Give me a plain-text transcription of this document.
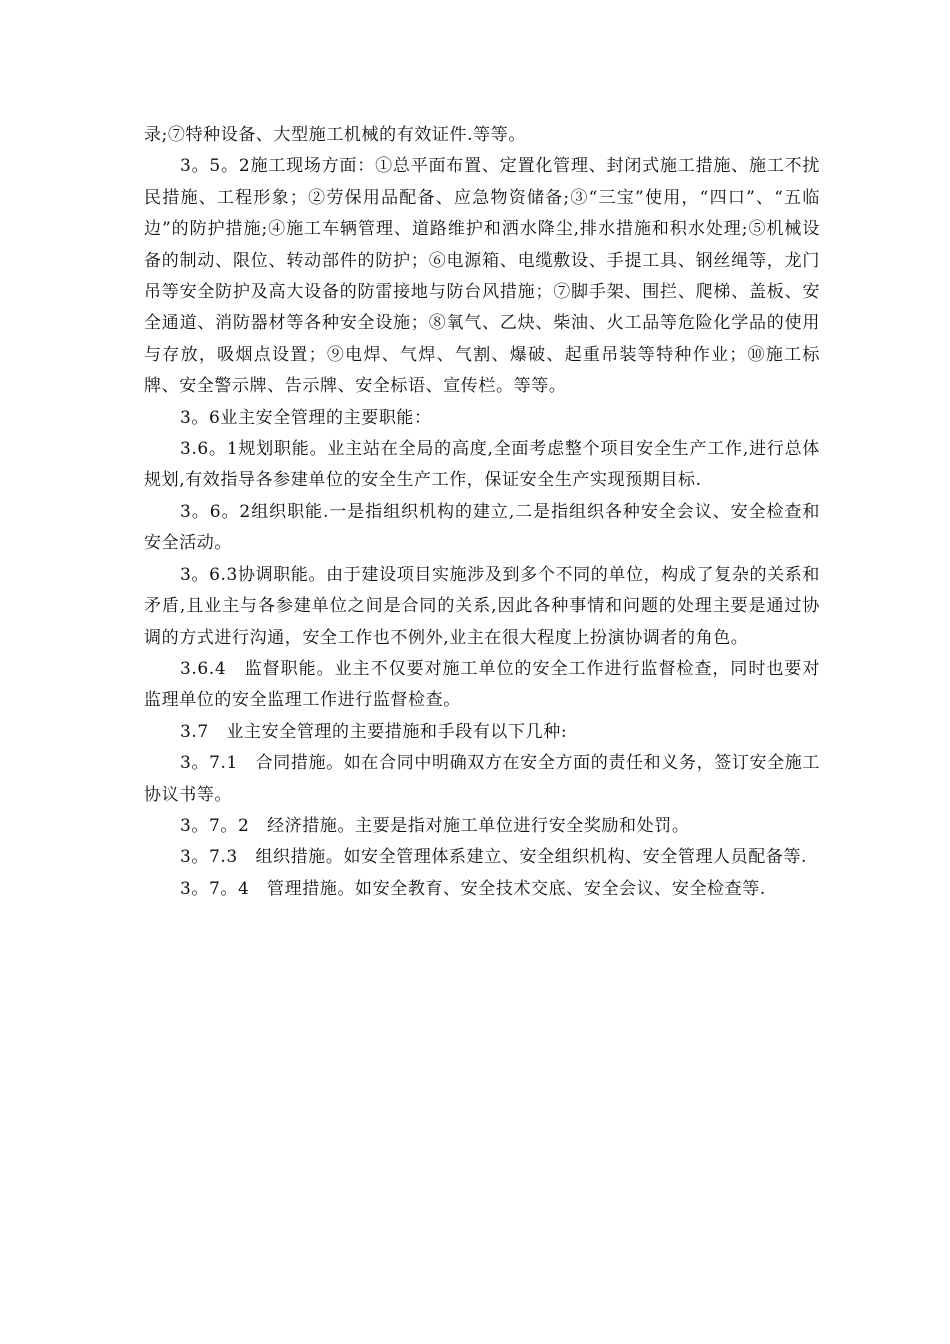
录;⑦特种设备、大型施工机械的有效证件.等等。

3。5。2施工现场方面：①总平面布置、定置化管理、封闭式施工措施、施工不扰民措施、工程形象；②劳保用品配备、应急物资储备;③“三宝”使用，“四口”、“五临边”的防护措施;④施工车辆管理、道路维护和洒水降尘,排水措施和积水处理;⑤机械设备的制动、限位、转动部件的防护；⑥电源箱、电缆敷设、手提工具、钢丝绳等，龙门吊等安全防护及高大设备的防雷接地与防台风措施；⑦脚手架、围拦、爬梯、盖板、安全通道、消防器材等各种安全设施；⑧氧气、乙炔、柴油、火工品等危险化学品的使用与存放，吸烟点设置；⑨电焊、气焊、气割、爆破、起重吊装等特种作业；⑩施工标牌、安全警示牌、告示牌、安全标语、宣传栏。等等。

3。6业主安全管理的主要职能：

3.6。1规划职能。业主站在全局的高度,全面考虑整个项目安全生产工作,进行总体规划,有效指导各参建单位的安全生产工作，保证安全生产实现预期目标.

3。6。2组织职能.一是指组织机构的建立,二是指组织各种安全会议、安全检查和安全活动。

3。6.3协调职能。由于建设项目实施涉及到多个不同的单位，构成了复杂的关系和矛盾,且业主与各参建单位之间是合同的关系,因此各种事情和问题的处理主要是通过协调的方式进行沟通，安全工作也不例外,业主在很大程度上扮演协调者的角色。

3.6.4　监督职能。业主不仅要对施工单位的安全工作进行监督检查，同时也要对监理单位的安全监理工作进行监督检查。

3.7　业主安全管理的主要措施和手段有以下几种:

3。7.1　合同措施。如在合同中明确双方在安全方面的责任和义务，签订安全施工协议书等。

3。7。2　经济措施。主要是指对施工单位进行安全奖励和处罚。

3。7.3　组织措施。如安全管理体系建立、安全组织机构、安全管理人员配备等.

3。7。4　管理措施。如安全教育、安全技术交底、安全会议、安全检查等.
